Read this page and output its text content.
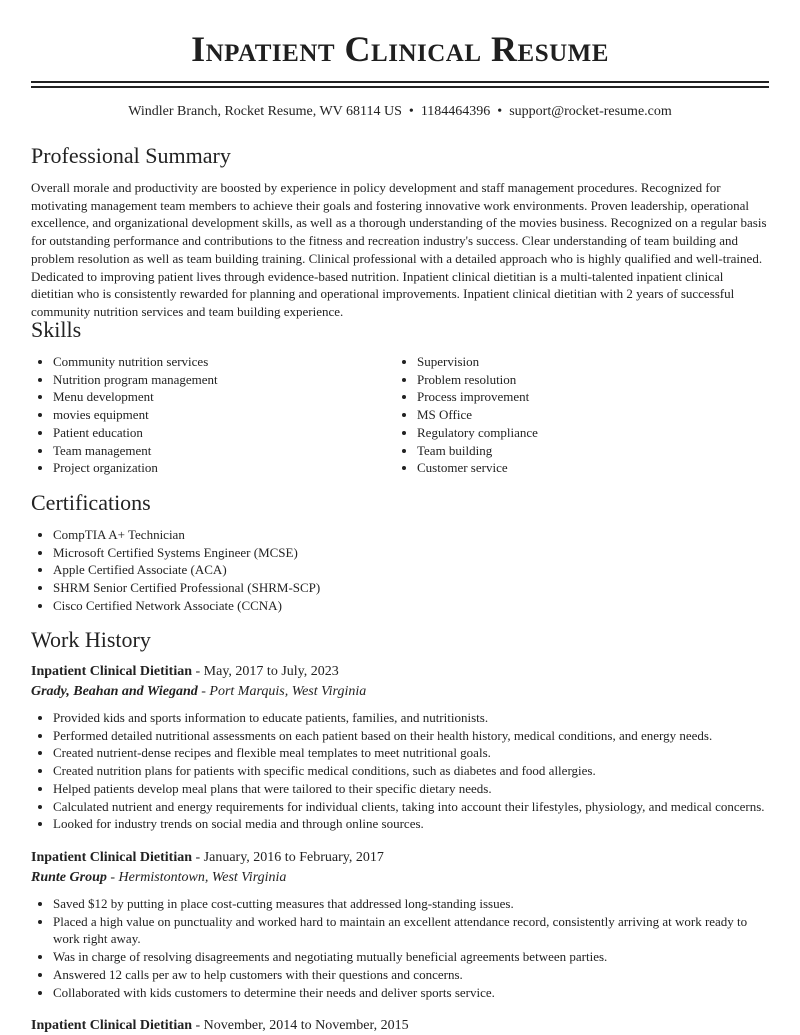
Inpatient Clinical Resume
Windler Branch, Rocket Resume, WV 68114 US • 1184464396 • support@rocket-resume.com
Professional Summary
Overall morale and productivity are boosted by experience in policy development and staff management procedures. Recognized for motivating management team members to achieve their goals and fostering innovative work environments. Proven leadership, operational excellence, and organizational development skills, as well as a thorough understanding of the movies business. Recognized on a regular basis for outstanding performance and contributions to the fitness and recreation industry's success. Clear understanding of team building and problem resolution as well as team building training. Clinical professional with a detailed approach who is highly qualified and well-trained. Dedicated to improving patient lives through evidence-based nutrition. Inpatient clinical dietitian is a multi-talented inpatient clinical dietitian who is consistently rewarded for planning and operational improvements. Inpatient clinical dietitian with 2 years of successful community nutrition services and team building experience.
Skills
• Community nutrition services
• Nutrition program management
• Menu development
• movies equipment
• Patient education
• Team management
• Project organization
• Supervision
• Problem resolution
• Process improvement
• MS Office
• Regulatory compliance
• Team building
• Customer service
Certifications
• CompTIA A+ Technician
• Microsoft Certified Systems Engineer (MCSE)
• Apple Certified Associate (ACA)
• SHRM Senior Certified Professional (SHRM-SCP)
• Cisco Certified Network Associate (CCNA)
Work History
Inpatient Clinical Dietitian - May, 2017 to July, 2023
Grady, Beahan and Wiegand - Port Marquis, West Virginia
• Provided kids and sports information to educate patients, families, and nutritionists.
• Performed detailed nutritional assessments on each patient based on their health history, medical conditions, and energy needs.
• Created nutrient-dense recipes and flexible meal templates to meet nutritional goals.
• Created nutrition plans for patients with specific medical conditions, such as diabetes and food allergies.
• Helped patients develop meal plans that were tailored to their specific dietary needs.
• Calculated nutrient and energy requirements for individual clients, taking into account their lifestyles, physiology, and medical concerns.
• Looked for industry trends on social media and through online sources.
Inpatient Clinical Dietitian - January, 2016 to February, 2017
Runte Group - Hermistontown, West Virginia
• Saved $12 by putting in place cost-cutting measures that addressed long-standing issues.
• Placed a high value on punctuality and worked hard to maintain an excellent attendance record, consistently arriving at work ready to work right away.
• Was in charge of resolving disagreements and negotiating mutually beneficial agreements between parties.
• Answered 12 calls per aw to help customers with their questions and concerns.
• Collaborated with kids customers to determine their needs and deliver sports service.
Inpatient Clinical Dietitian - November, 2014 to November, 2015
